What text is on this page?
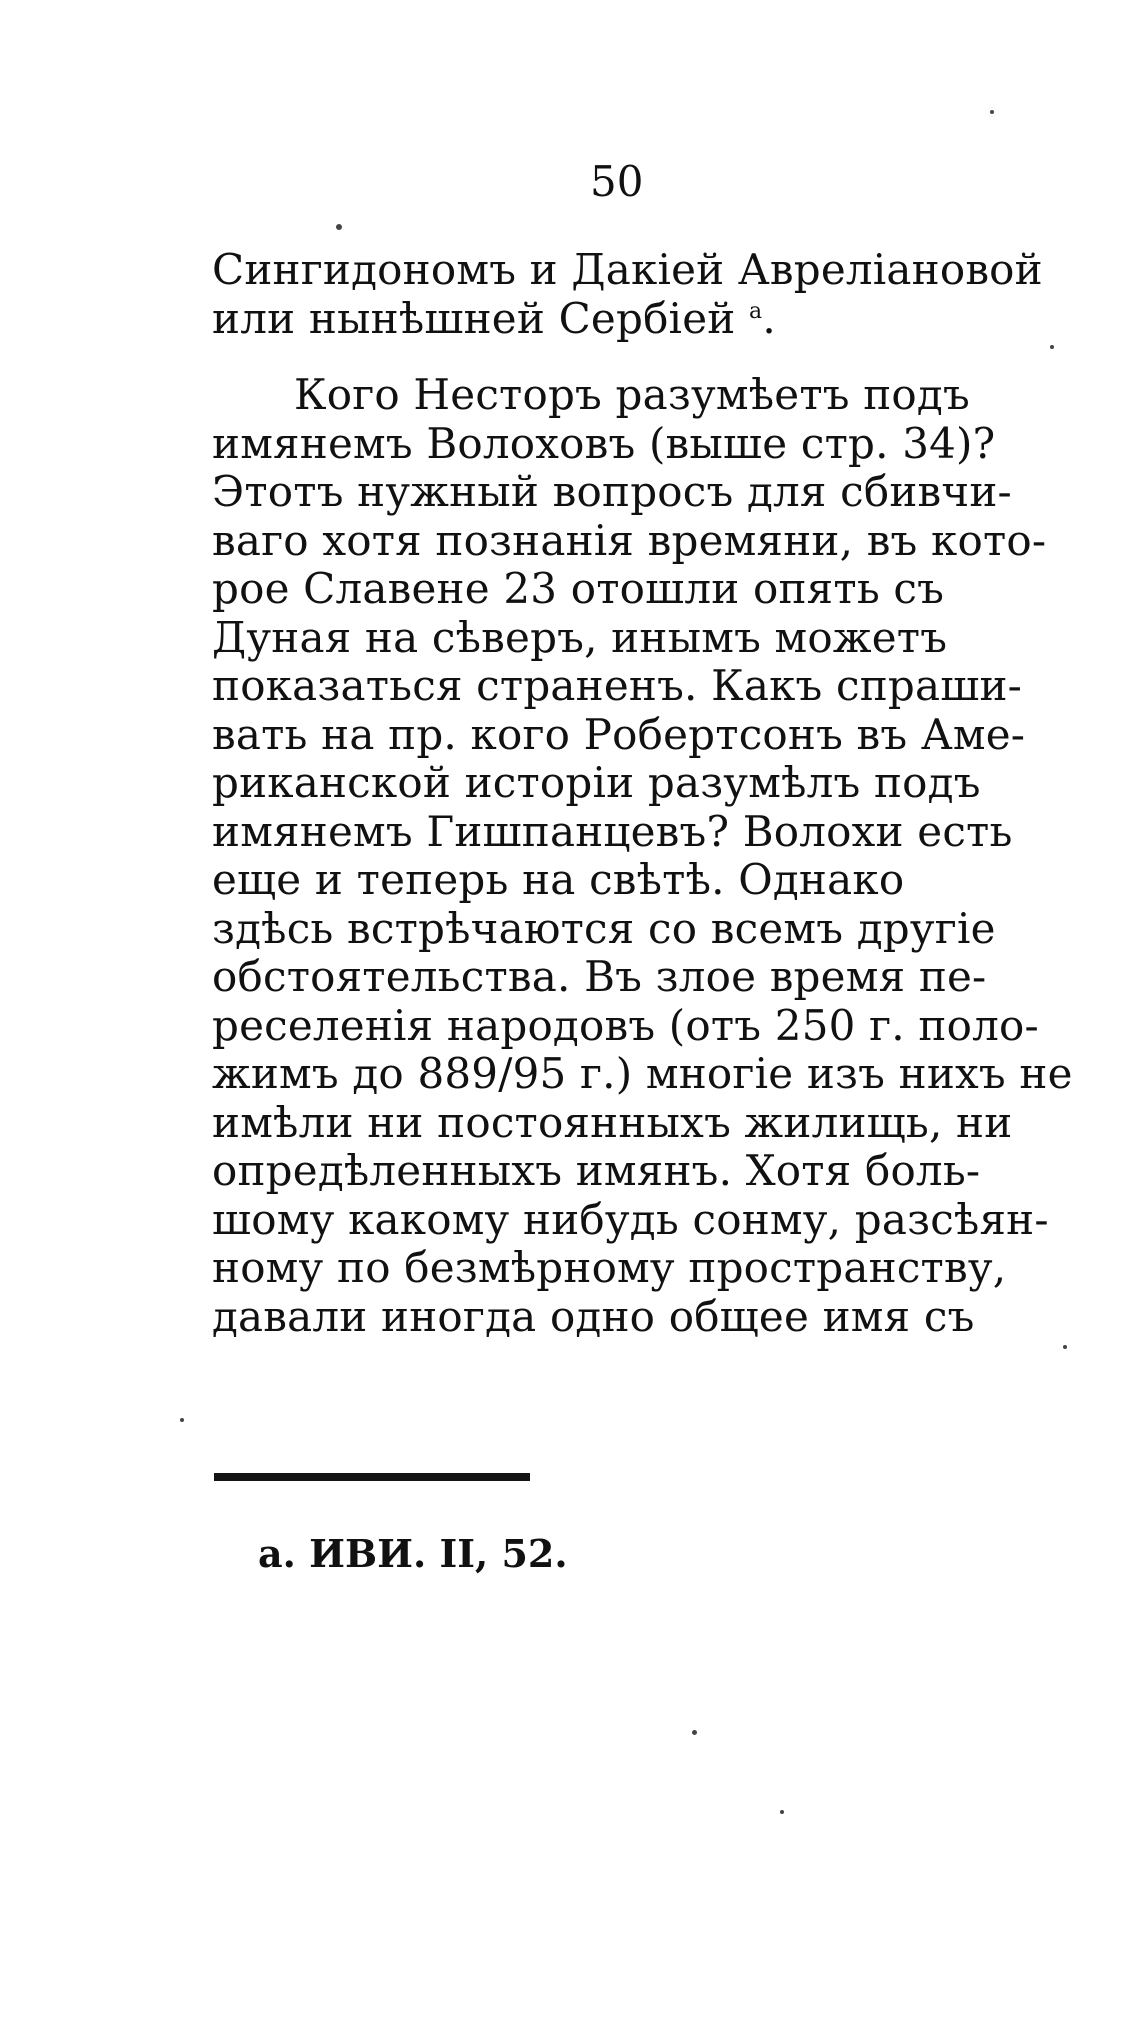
50
Сингидономъ и Дакіей Авреліановой
или нынѣшней Сербіей $^a$.
Кого Несторъ разумѣетъ подъ
имянемъ Волоховъ (выше стр. 34)?
Этотъ нужный вопросъ для сбивчи-
ваго хотя познанія времяни, въ кото-
рое Славене 23 отошли опять съ
Дуная на сѣверъ, инымъ можетъ
показаться страненъ. Какъ спраши-
вать на пр. кого Робертсонъ въ Аме-
риканской исторіи разумѣлъ подъ
имянемъ Гишпанцевъ? Волохи есть
еще и теперь на свѣтѣ. Однако
здѣсь встрѣчаются со всемъ другіе
обстоятельства. Въ злое время пе-
реселенія народовъ (отъ 250 г. поло-
жимъ до 889/95 г.) многіе изъ нихъ не
имѣли ни постоянныхъ жилищь, ни
опредѣленныхъ имянъ. Хотя боль-
шому какому нибудь сонму, разсѣян-
ному по безмѣрному пространству,
давали иногда одно общее имя съ
a. ИВИ. II, 52.
